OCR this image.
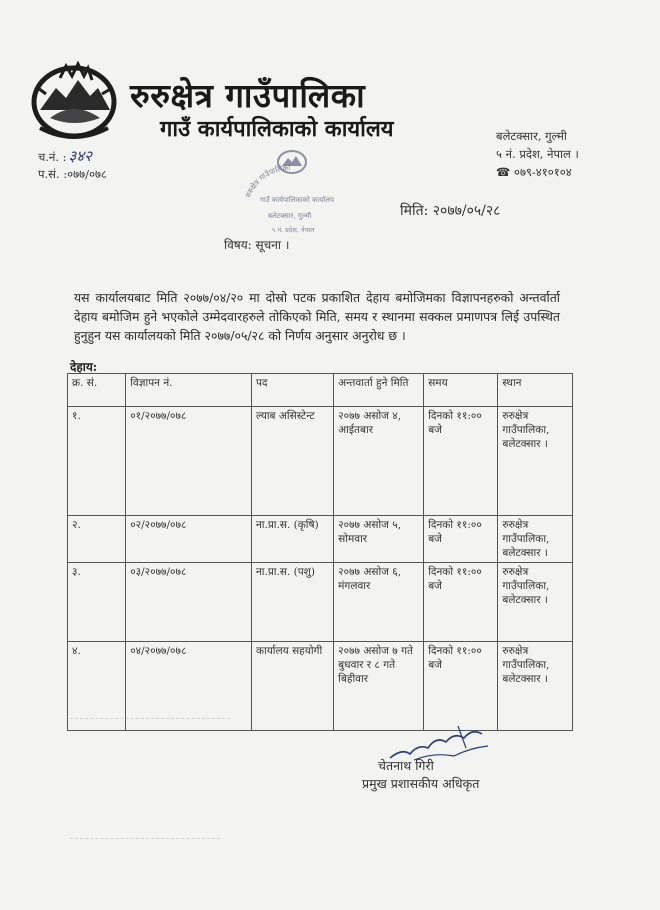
रुरुक्षेत्र गाउँपालिका
गाउँ कार्यपालिकाको कार्यालय	बलेटक्सार, गुल्मी
५ नं. प्रदेश, नेपाल ।
☎ ०७९-४१०१०४
च.नं. : ३४२
प.सं. :०७७/०७८
रुरुक्षेत्र गाउँपालिका
गाउँ कार्यपालिकाको कार्यालय
बलेटक्सार, गुल्मी
५ नं. प्रदेश, नेपाल
मिति: २०७७/०५/२८
विषय: सूचना ।
यस कार्यालयबाट मिति २०७७/०४/२० मा दोस्रो पटक प्रकाशित देहाय बमोजिमका विज्ञापनहरुको अन्तर्वार्ता देहाय बमोजिम हुने भएकोले उम्मेदवारहरुले तोकिएको मिति, समय र स्थानमा सक्कल प्रमाणपत्र लिई उपस्थित हुनुहुन यस कार्यालयको मिति २०७७/०५/२८ को निर्णय अनुसार अनुरोध छ ।
देहाय:
क्र. सं.	विज्ञापन नं.	पद	अन्तवार्ता हुने मिति	समय	स्थान
१.	०१/२०७७/०७८	ल्याब असिस्टेन्ट	२०७७ असोज ४, आईतबार	दिनको ११:०० बजे	रुरुक्षेत्र गाउँपालिका, बलेटक्सार ।
२.	०२/२०७७/०७८	ना.प्रा.स. (कृषि)	२०७७ असोज ५, सोमवार	दिनको ११:०० बजे	रुरुक्षेत्र गाउँपालिका, बलेटक्सार ।
३.	०३/२०७७/०७८	ना.प्रा.स. (पशु)	२०७७ असोज ६, मंगलवार	दिनको ११:०० बजे	रुरुक्षेत्र गाउँपालिका, बलेटक्सार ।
४.	०४/२०७७/०७८	कार्यालय सहयोगी	२०७७ असोज ७ गते बुधवार र ८ गते बिहीवार	दिनको ११:०० बजे	रुरुक्षेत्र गाउँपालिका, बलेटक्सार ।
चेतनाथ गिरी
प्रमुख प्रशासकीय अधिकृत
